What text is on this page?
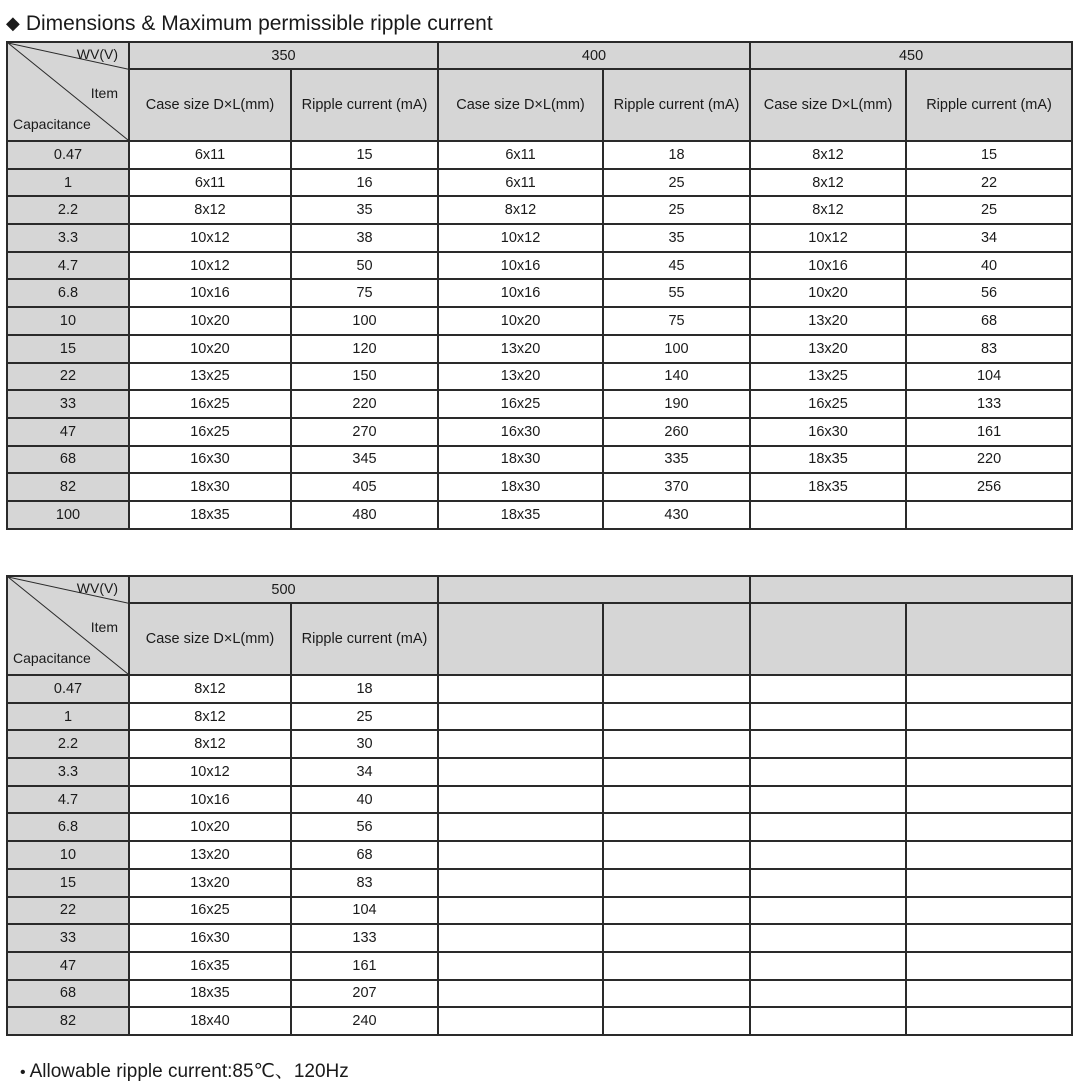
◆ Dimensions & Maximum permissible ripple current
WV(V)
Item
Capacitance	350		400		450	
	Case size D×L(mm)	Ripple current (mA)	Case size D×L(mm)	Ripple current (mA)	Case size D×L(mm)	Ripple current (mA)
0.47	6x11	15	6x11	18	8x12	15
1	6x11	16	6x11	25	8x12	22
2.2	8x12	35	8x12	25	8x12	25
3.3	10x12	38	10x12	35	10x12	34
4.7	10x12	50	10x16	45	10x16	40
6.8	10x16	75	10x16	55	10x20	56
10	10x20	100	10x20	75	13x20	68
15	10x20	120	13x20	100	13x20	83
22	13x25	150	13x20	140	13x25	104
33	16x25	220	16x25	190	16x25	133
47	16x25	270	16x30	260	16x30	161
68	16x30	345	18x30	335	18x35	220
82	18x30	405	18x30	370	18x35	256
100	18x35	480	18x35	430		
WV(V)
Item
Capacitance	500					
	Case size D×L(mm)	Ripple current (mA)				
0.47	8x12	18				
1	8x12	25				
2.2	8x12	30				
3.3	10x12	34				
4.7	10x16	40				
6.8	10x20	56				
10	13x20	68				
15	13x20	83				
22	16x25	104				
33	16x30	133				
47	16x35	161				
68	18x35	207				
82	18x40	240				
• Allowable ripple current:85℃、120Hz
